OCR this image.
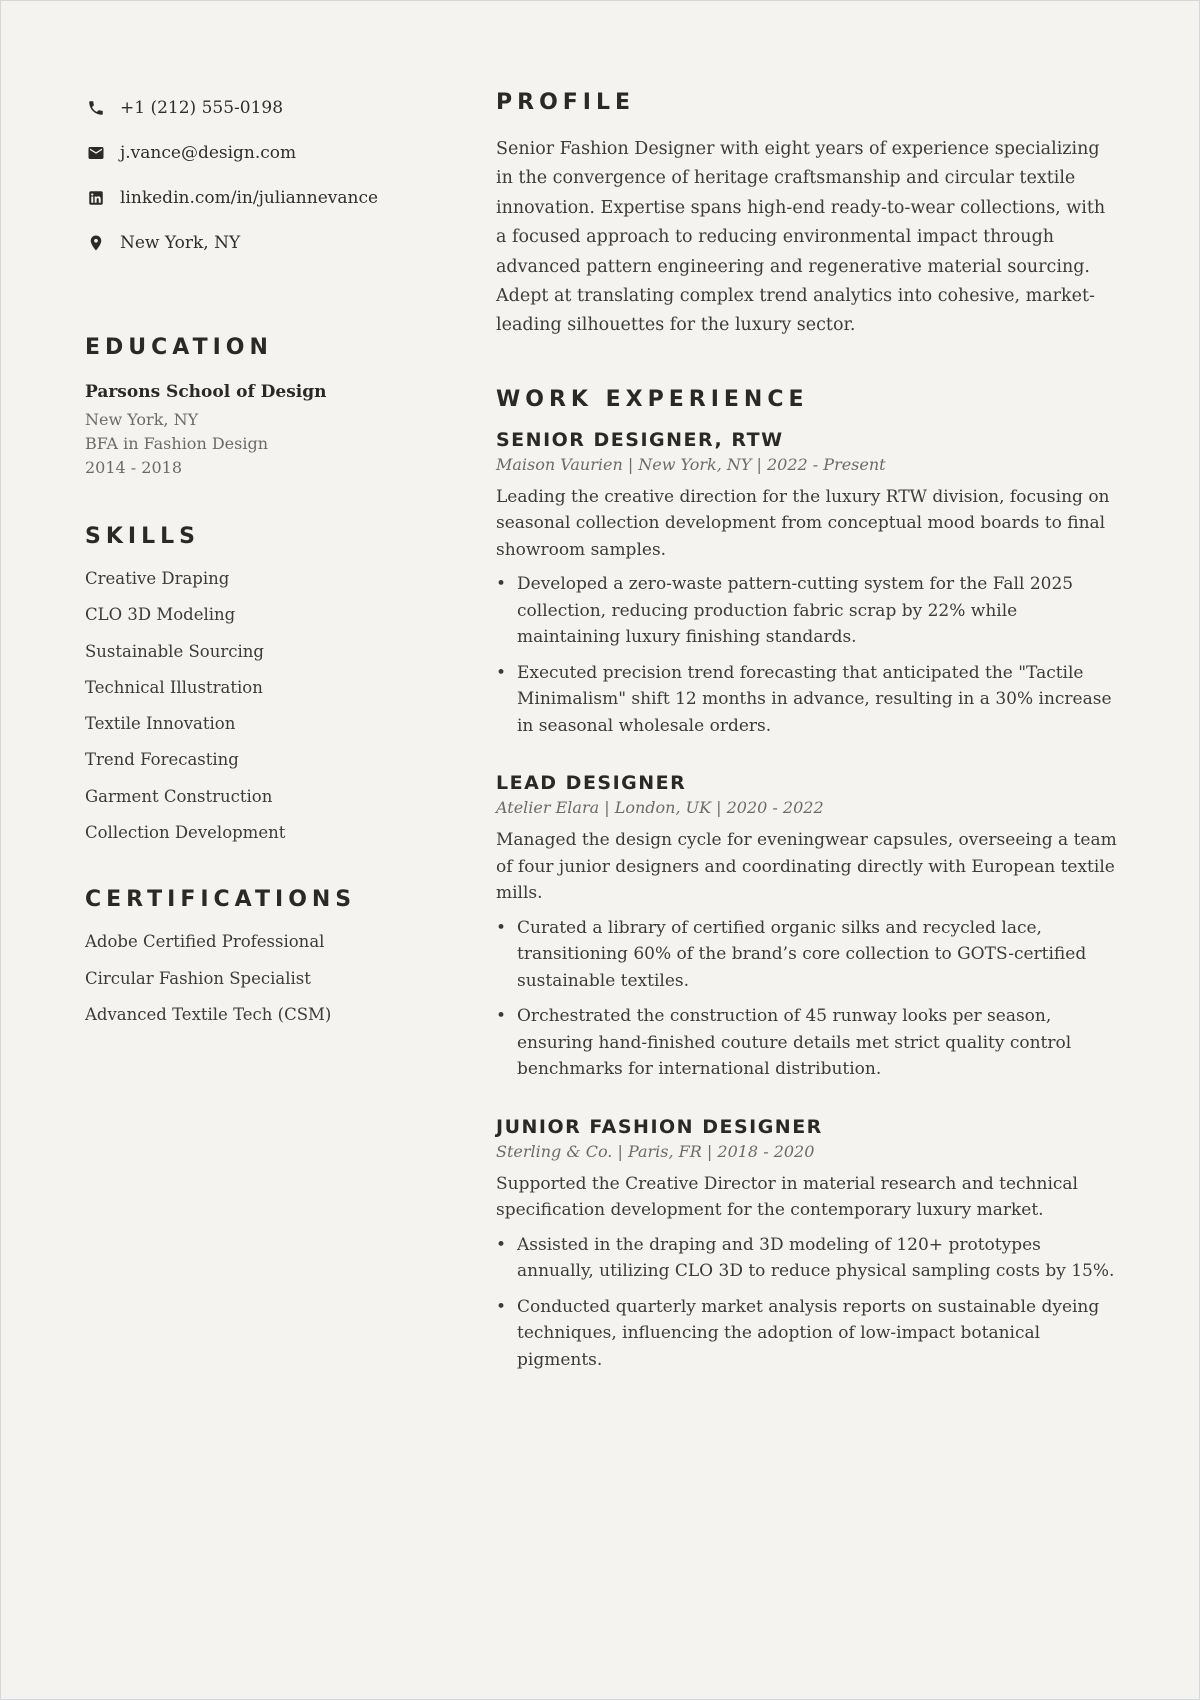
+1 (212) 555-0198
j.vance@design.com
linkedin.com/in/juliannevance
New York, NY
EDUCATION
Parsons School of Design
New York, NY
BFA in Fashion Design
2014 - 2018
SKILLS
Creative Draping
CLO 3D Modeling
Sustainable Sourcing
Technical Illustration
Textile Innovation
Trend Forecasting
Garment Construction
Collection Development
CERTIFICATIONS
Adobe Certified Professional
Circular Fashion Specialist
Advanced Textile Tech (CSM)
PROFILE

Senior Fashion Designer with eight years of experience specializing in the convergence of heritage craftsmanship and circular textile innovation. Expertise spans high-end ready-to-wear collections, with a focused approach to reducing environmental impact through advanced pattern engineering and regenerative material sourcing. Adept at translating complex trend analytics into cohesive, market-leading silhouettes for the luxury sector.

WORK EXPERIENCE
SENIOR DESIGNER, RTW
Maison Vaurien | New York, NY | 2022 - Present

Leading the creative direction for the luxury RTW division, focusing on seasonal collection development from conceptual mood boards to final showroom samples.

• Developed a zero-waste pattern-cutting system for the Fall 2025 collection, reducing production fabric scrap by 22% while maintaining luxury finishing standards.
• Executed precision trend forecasting that anticipated the "Tactile Minimalism" shift 12 months in advance, resulting in a 30% increase in seasonal wholesale orders.
LEAD DESIGNER
Atelier Elara | London, UK | 2020 - 2022

Managed the design cycle for eveningwear capsules, overseeing a team of four junior designers and coordinating directly with European textile mills.

• Curated a library of certified organic silks and recycled lace, transitioning 60% of the brand’s core collection to GOTS-certified sustainable textiles.
• Orchestrated the construction of 45 runway looks per season, ensuring hand-finished couture details met strict quality control benchmarks for international distribution.
JUNIOR FASHION DESIGNER
Sterling & Co. | Paris, FR | 2018 - 2020

Supported the Creative Director in material research and technical specification development for the contemporary luxury market.

• Assisted in the draping and 3D modeling of 120+ prototypes annually, utilizing CLO 3D to reduce physical sampling costs by 15%.
• Conducted quarterly market analysis reports on sustainable dyeing techniques, influencing the adoption of low-impact botanical pigments.
